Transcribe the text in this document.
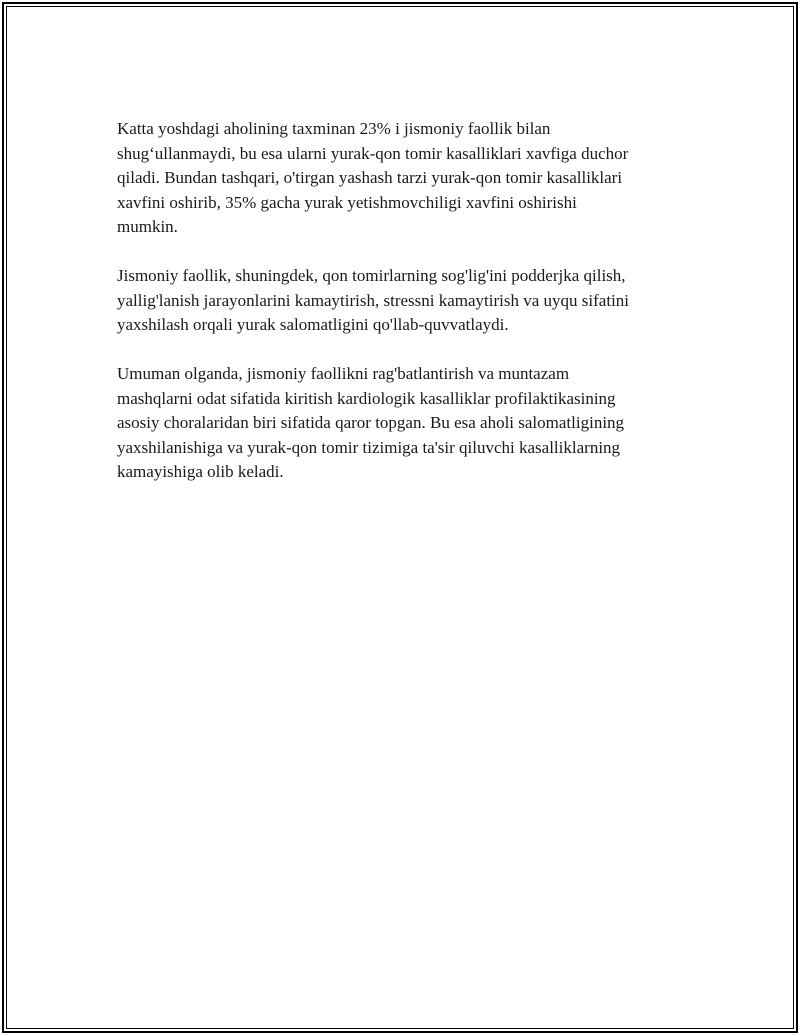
Katta yoshdagi aholining taxminan 23% i jismoniy faollik bilan
shug‘ullanmaydi, bu esa ularni yurak-qon tomir kasalliklari xavfiga duchor
qiladi. Bundan tashqari, o'tirgan yashash tarzi yurak-qon tomir kasalliklari
xavfini oshirib, 35% gacha yurak yetishmovchiligi xavfini oshirishi
mumkin.

Jismoniy faollik, shuningdek, qon tomirlarning sog'lig'ini podderjka qilish,
yallig'lanish jarayonlarini kamaytirish, stressni kamaytirish va uyqu sifatini
yaxshilash orqali yurak salomatligini qo'llab-quvvatlaydi.

Umuman olganda, jismoniy faollikni rag'batlantirish va muntazam
mashqlarni odat sifatida kiritish kardiologik kasalliklar profilaktikasining
asosiy choralaridan biri sifatida qaror topgan. Bu esa aholi salomatligining
yaxshilanishiga va yurak-qon tomir tizimiga ta'sir qiluvchi kasalliklarning
kamayishiga olib keladi.
